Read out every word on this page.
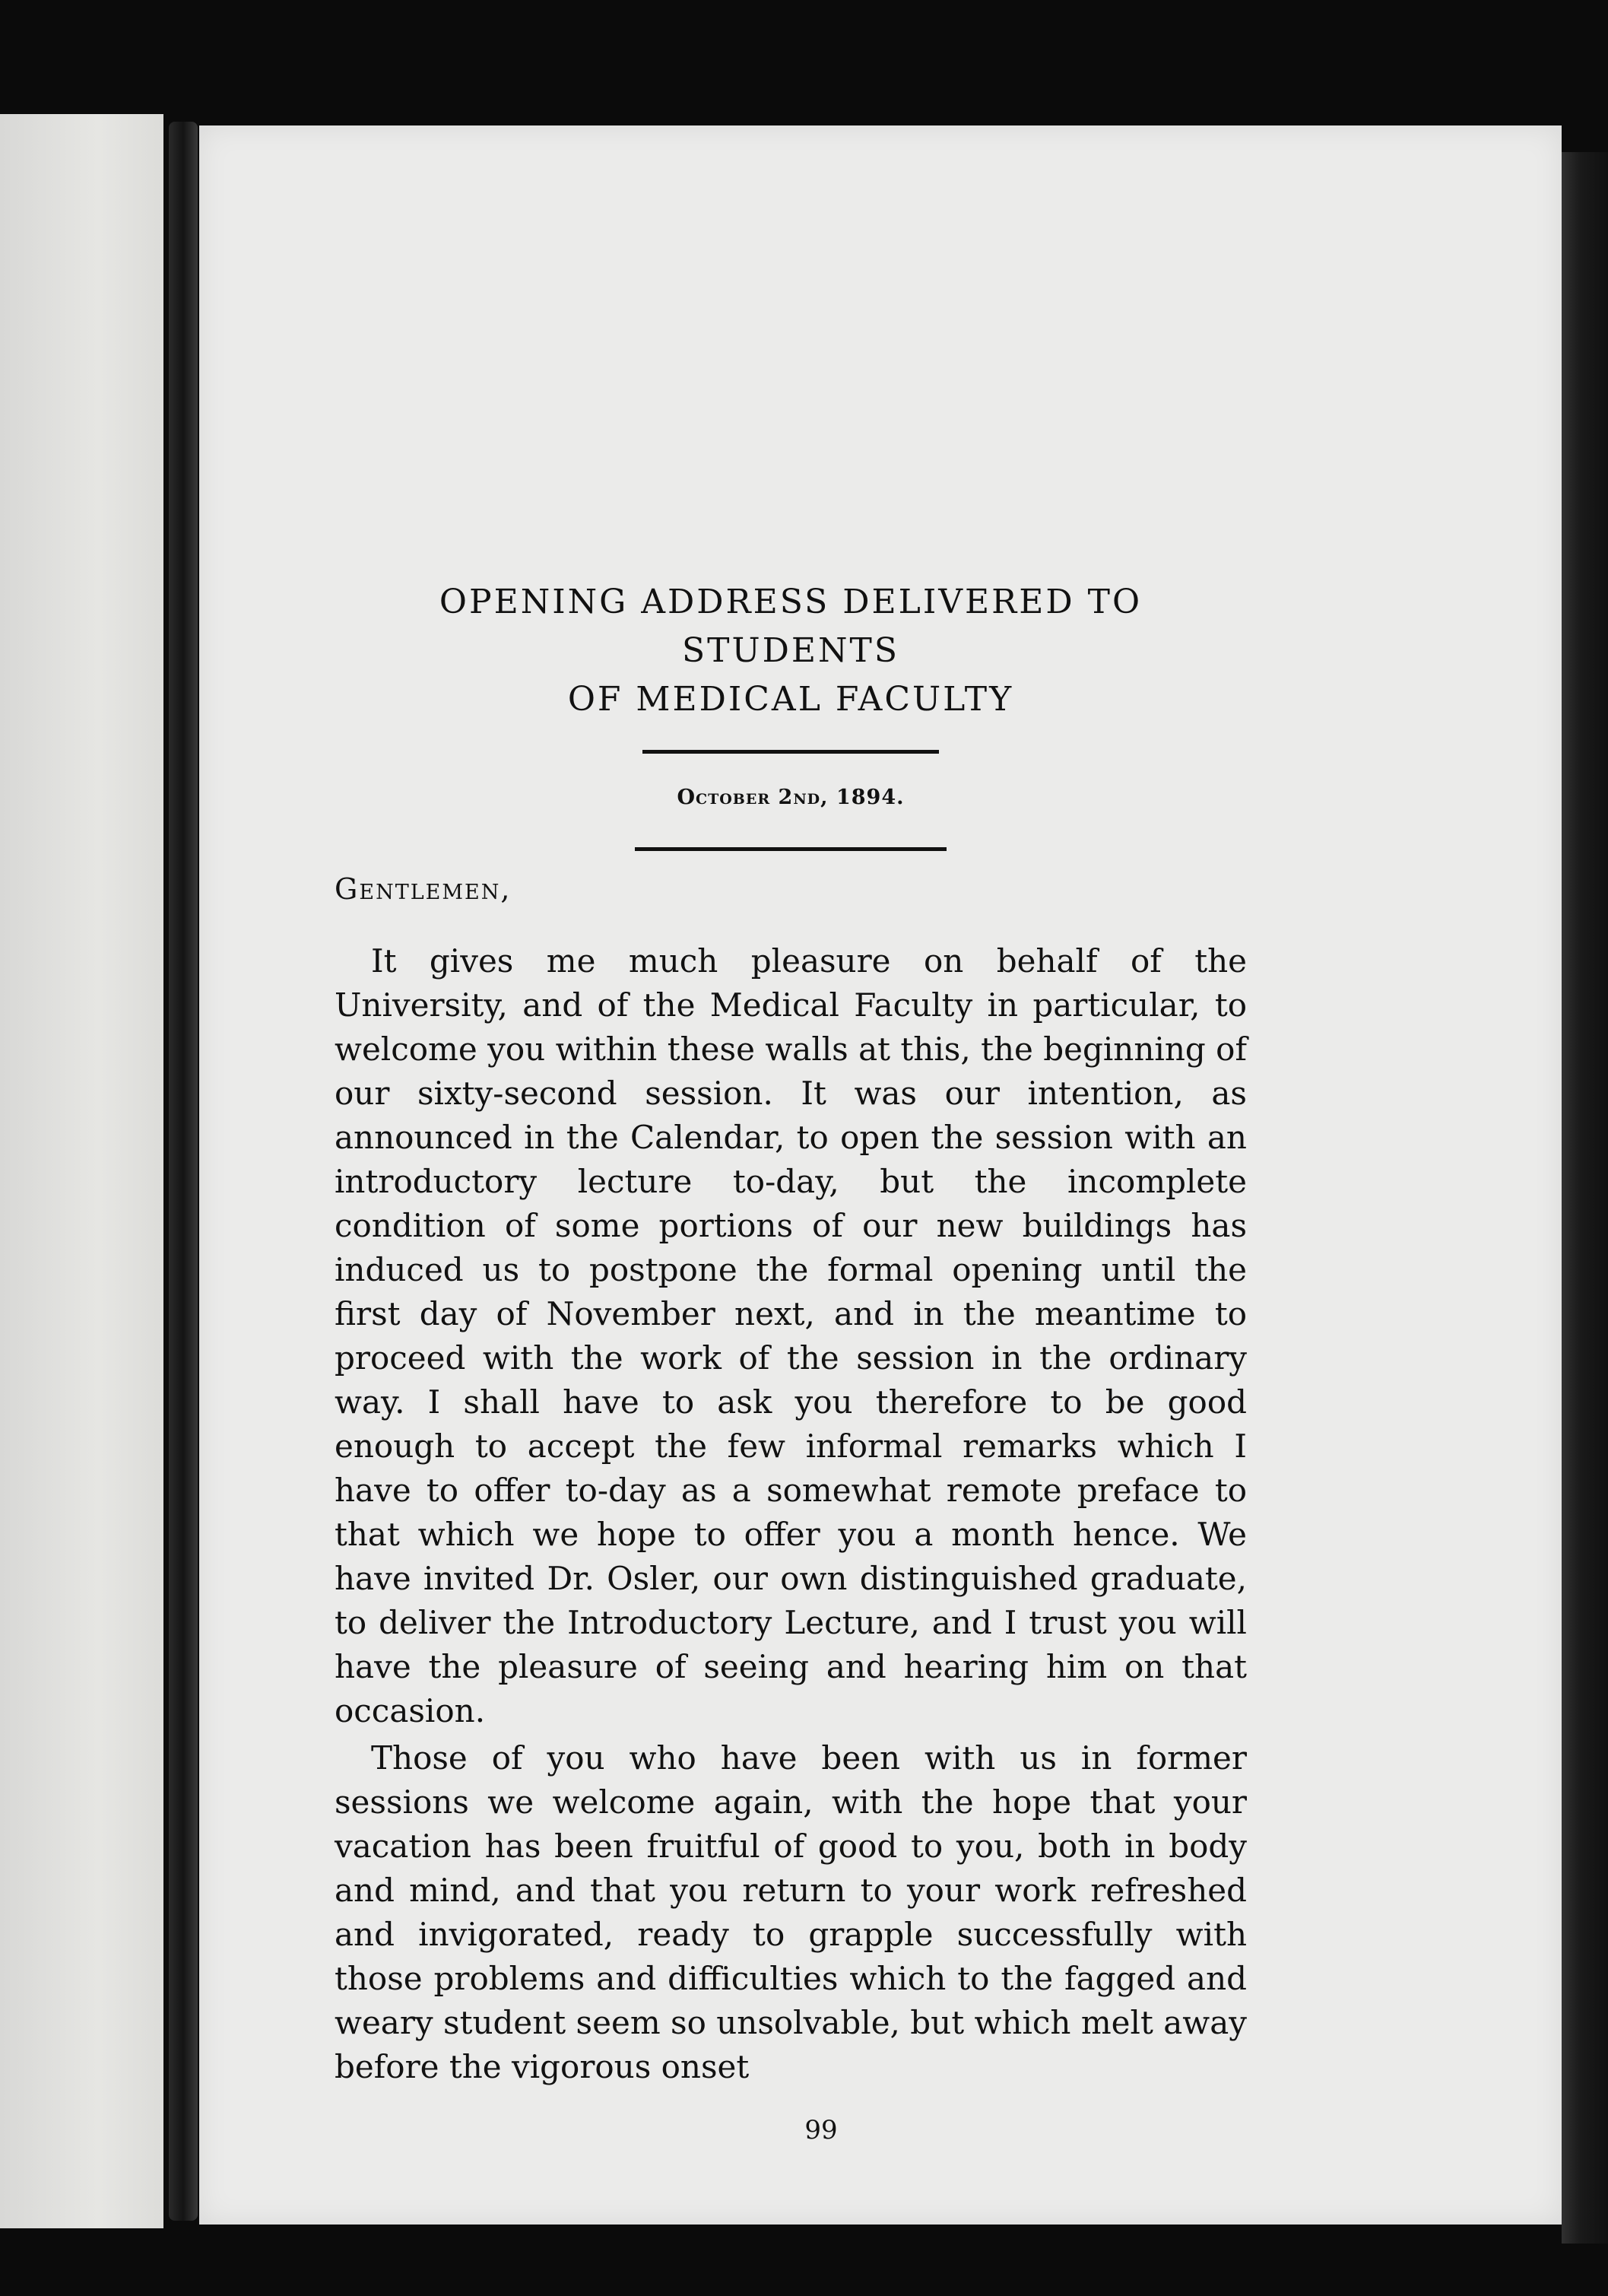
OPENING ADDRESS DELIVERED TO STUDENTS
OF MEDICAL FACULTY
October 2nd, 1894.
Gentlemen,

It gives me much pleasure on behalf of the University, and of the Medical Faculty in particular, to welcome you within these walls at this, the beginning of our sixty-second session. It was our intention, as announced in the Calendar, to open the session with an introductory lecture to-day, but the incomplete condition of some portions of our new buildings has induced us to postpone the formal opening until the first day of November next, and in the meantime to proceed with the work of the session in the ordinary way. I shall have to ask you therefore to be good enough to accept the few informal remarks which I have to offer to-day as a somewhat remote preface to that which we hope to offer you a month hence. We have invited Dr. Osler, our own distinguished graduate, to deliver the Introductory Lecture, and I trust you will have the pleasure of seeing and hearing him on that occasion.

Those of you who have been with us in former sessions we welcome again, with the hope that your vacation has been fruitful of good to you, both in body and mind, and that you return to your work refreshed and invigorated, ready to grapple successfully with those problems and difficulties which to the fagged and weary student seem so unsolvable, but which melt away before the vigorous onset

99
